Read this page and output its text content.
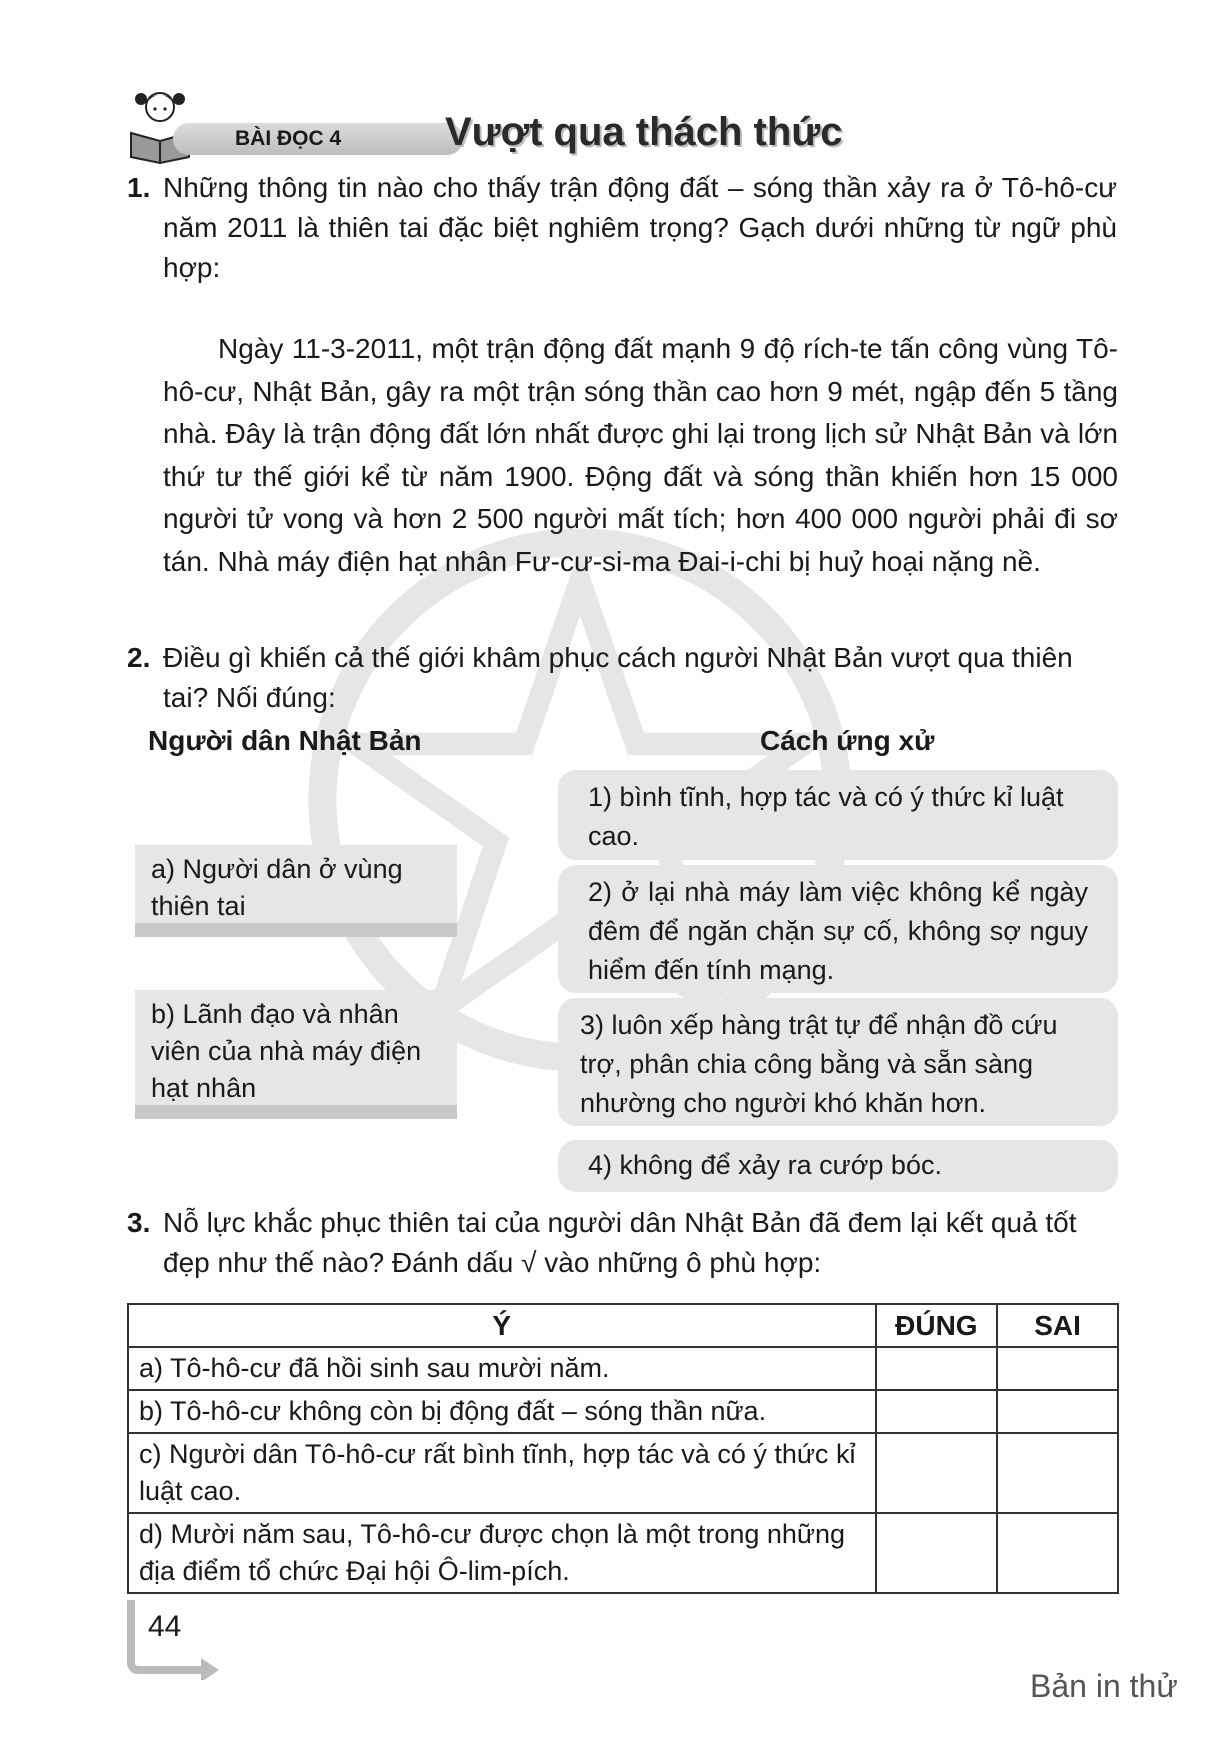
BÀI ĐỌC 4	Vượt qua thách thức
1. Những thông tin nào cho thấy trận động đất – sóng thần xảy ra ở Tô-hô-cư năm 2011 là thiên tai đặc biệt nghiêm trọng? Gạch dưới những từ ngữ phù hợp:
Ngày 11-3-2011, một trận động đất mạnh 9 độ rích-te tấn công vùng Tô-hô-cư, Nhật Bản, gây ra một trận sóng thần cao hơn 9 mét, ngập đến 5 tầng nhà. Đây là trận động đất lớn nhất được ghi lại trong lịch sử Nhật Bản và lớn thứ tư thế giới kể từ năm 1900. Động đất và sóng thần khiến hơn 15 000 người tử vong và hơn 2 500 người mất tích; hơn 400 000 người phải đi sơ tán. Nhà máy điện hạt nhân Fư-cư-si-ma Đai-i-chi bị huỷ hoại nặng nề.
2. Điều gì khiến cả thế giới khâm phục cách người Nhật Bản vượt qua thiên tai? Nối đúng:
Người dân Nhật Bản	Cách ứng xử
a) Người dân ở vùng thiên tai
b) Lãnh đạo và nhân viên của nhà máy điện hạt nhân
1) bình tĩnh, hợp tác và có ý thức kỉ luật cao.
2) ở lại nhà máy làm việc không kể ngày đêm để ngăn chặn sự cố, không sợ nguy hiểm đến tính mạng.
3) luôn xếp hàng trật tự để nhận đồ cứu trợ, phân chia công bằng và sẵn sàng nhường cho người khó khăn hơn.
4) không để xảy ra cướp bóc.
3. Nỗ lực khắc phục thiên tai của người dân Nhật Bản đã đem lại kết quả tốt đẹp như thế nào? Đánh dấu √ vào những ô phù hợp:
Ý	ĐÚNG	SAI
a) Tô-hô-cư đã hồi sinh sau mười năm.		
b) Tô-hô-cư không còn bị động đất – sóng thần nữa.		
c) Người dân Tô-hô-cư rất bình tĩnh, hợp tác và có ý thức kỉ luật cao.		
d) Mười năm sau, Tô-hô-cư được chọn là một trong những địa điểm tổ chức Đại hội Ô-lim-pích.		
44
Bản in thử
